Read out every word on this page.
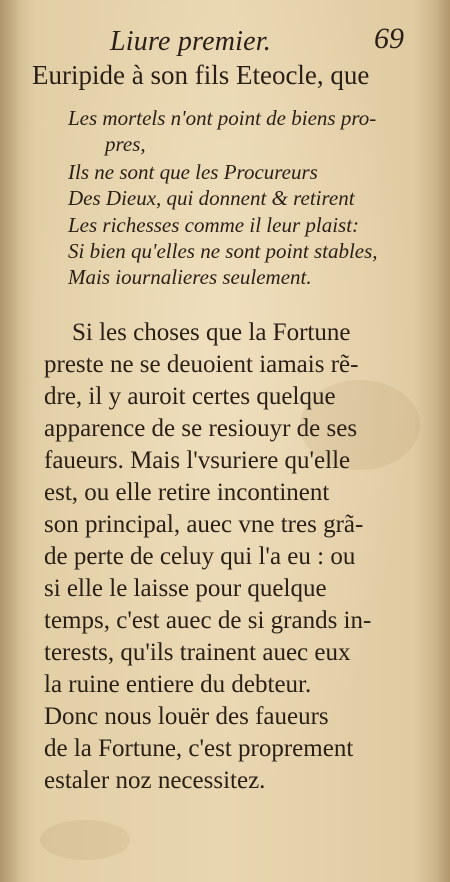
Liure premier.	69
Euripide à son fils Eteocle, que
Les mortels n'ont point de biens pro-
pres,
Ils ne sont que les Procureurs
Des Dieux, qui donnent & retirent
Les richesses comme il leur plaist:
Si bien qu'elles ne sont point stables,
Mais iournalieres seulement.
Si les choses que la Fortune
preste ne se deuoient iamais rẽ-
dre, il y auroit certes quelque
apparence de se resiouyr de ses
faueurs. Mais l'vsuriere qu'elle
est, ou elle retire incontinent
son principal, auec vne tres grã-
de perte de celuy qui l'a eu : ou
si elle le laisse pour quelque
temps, c'est auec de si grands in-
terests, qu'ils trainent auec eux
la ruine entiere du debteur.
Donc nous louër des faueurs
de la Fortune, c'est proprement
estaler noz necessitez.
